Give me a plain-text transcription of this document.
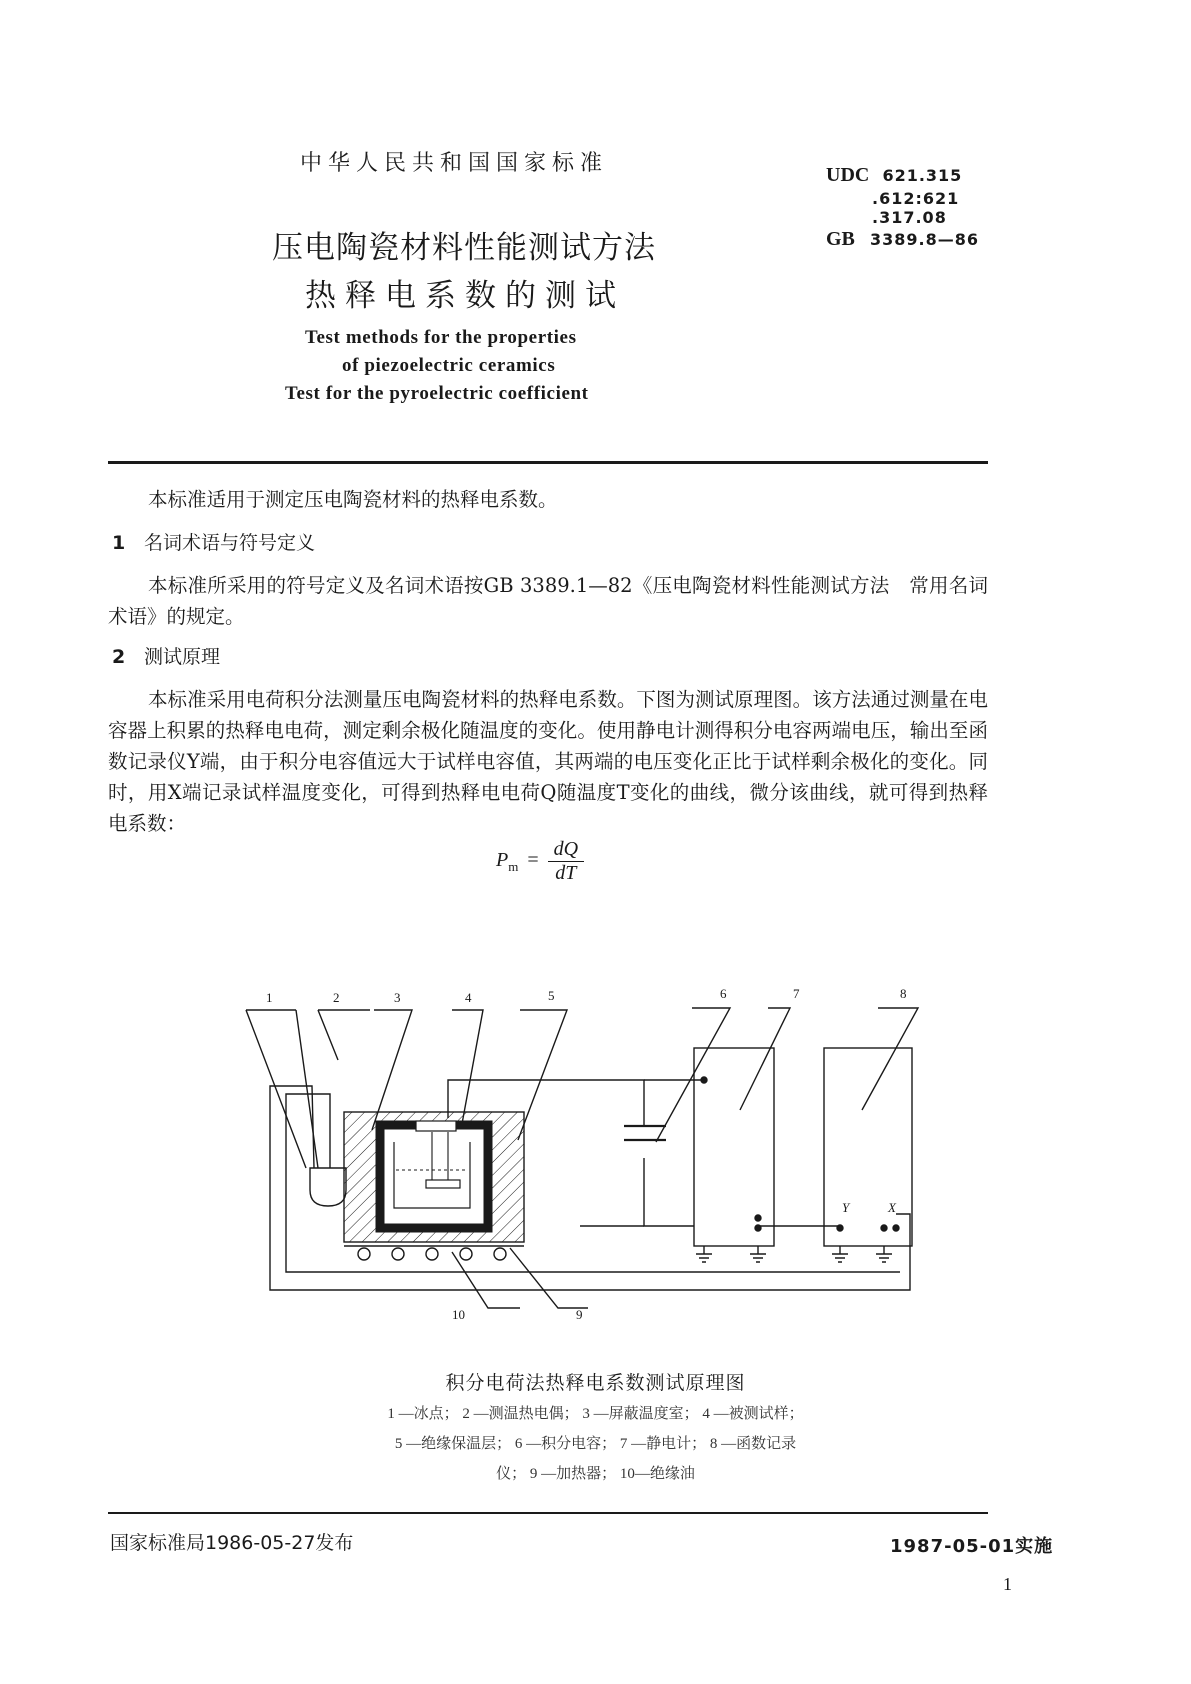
中华人民共和国国家标准
压电陶瓷材料性能测试方法
热释电系数的测试
Test methods for the properties
of piezoelectric ceramics
Test for the pyroelectric coefficient
UDC 621.315
.612:621
.317.08
GB 3389.8—86

本标准适用于测定压电陶瓷材料的热释电系数。

1 名词术语与符号定义

本标准所采用的符号定义及名词术语按GB 3389.1—82《压电陶瓷材料性能测试方法　常用名词术语》的规定。

2 测试原理

本标准采用电荷积分法测量压电陶瓷材料的热释电系数。下图为测试原理图。该方法通过测量在电容器上积累的热释电电荷，测定剩余极化随温度的变化。使用静电计测得积分电容两端电压，输出至函数记录仪Y端，由于积分电容值远大于试样电容值，其两端的电压变化正比于试样剩余极化的变化。同时，用X端记录试样温度变化，可得到热释电电荷Q随温度T变化的曲线，微分该曲线，就可得到热释电系数：

$P_m = \frac{dQ}{dT}$
1	2	3	4	5	6	7	8
9
10
Y	X
积分电荷法热释电系数测试原理图
1 —冰点； 2 —测温热电偶； 3 —屏蔽温度室； 4 —被测试样；
5 —绝缘保温层； 6 —积分电容； 7 —静电计； 8 —函数记录
仪； 9 —加热器； 10—绝缘油
国家标准局1986-05-27发布	1987-05-01实施
1
